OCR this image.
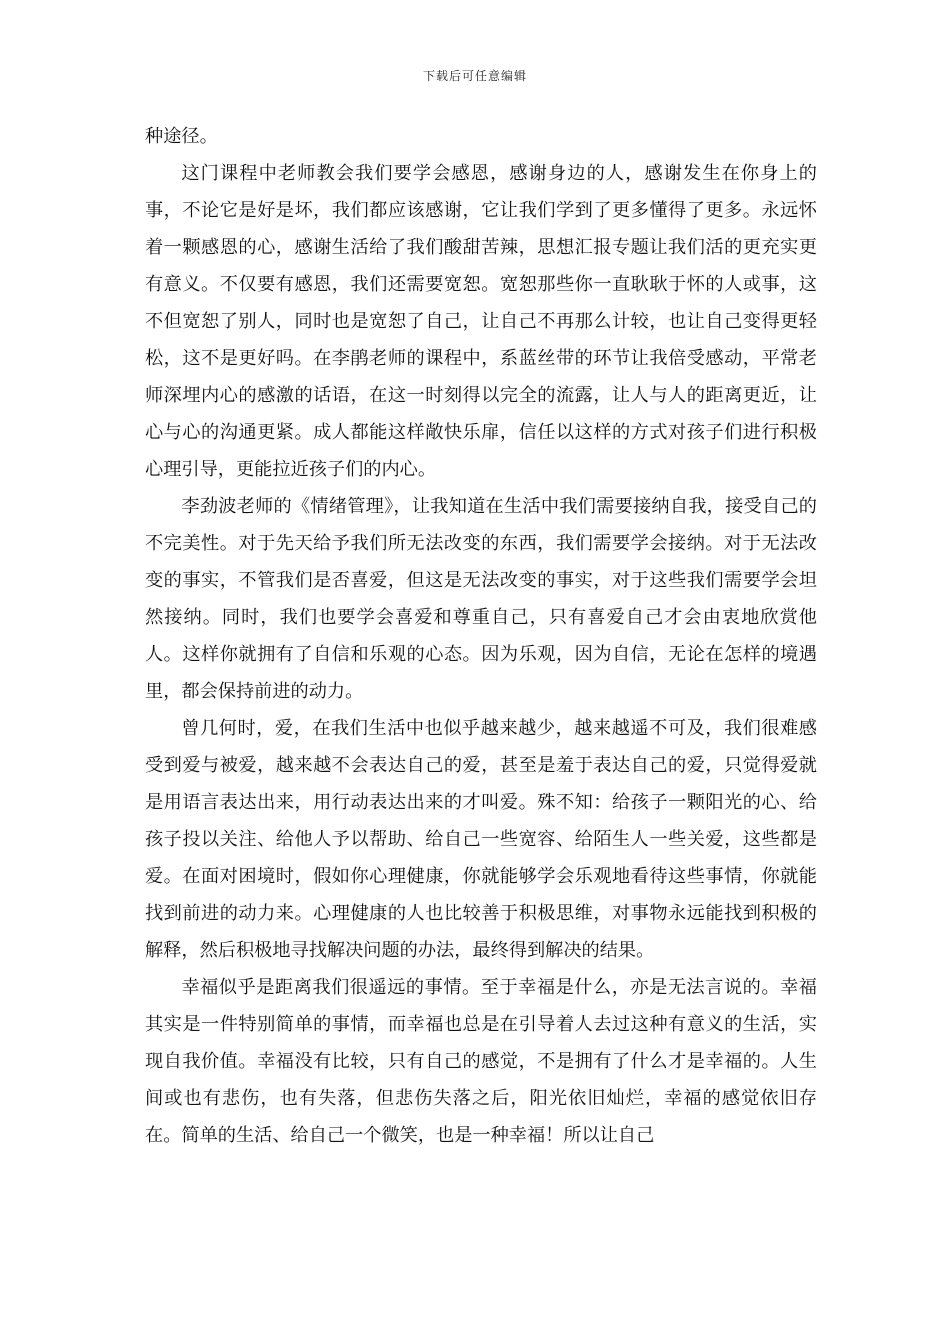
下载后可任意编辑

种途径。

这门课程中老师教会我们要学会感恩，感谢身边的人，感谢发生在你身上的事，不论它是好是坏，我们都应该感谢，它让我们学到了更多懂得了更多。永远怀着一颗感恩的心，感谢生活给了我们酸甜苦辣，思想汇报专题让我们活的更充实更有意义。不仅要有感恩，我们还需要宽恕。宽恕那些你一直耿耿于怀的人或事，这不但宽恕了别人，同时也是宽恕了自己，让自己不再那么计较，也让自己变得更轻松，这不是更好吗。在李鹃老师的课程中，系蓝丝带的环节让我倍受感动，平常老师深埋内心的感激的话语，在这一时刻得以完全的流露，让人与人的距离更近，让心与心的沟通更紧。成人都能这样敞快乐扉，信任以这样的方式对孩子们进行积极心理引导，更能拉近孩子们的内心。

李劲波老师的《情绪管理》，让我知道在生活中我们需要接纳自我，接受自己的不完美性。对于先天给予我们所无法改变的东西，我们需要学会接纳。对于无法改变的事实，不管我们是否喜爱，但这是无法改变的事实，对于这些我们需要学会坦然接纳。同时，我们也要学会喜爱和尊重自己，只有喜爱自己才会由衷地欣赏他人。这样你就拥有了自信和乐观的心态。因为乐观，因为自信，无论在怎样的境遇里，都会保持前进的动力。

曾几何时，爱，在我们生活中也似乎越来越少，越来越遥不可及，我们很难感受到爱与被爱，越来越不会表达自己的爱，甚至是羞于表达自己的爱，只觉得爱就是用语言表达出来，用行动表达出来的才叫爱。殊不知：给孩子一颗阳光的心、给孩子投以关注、给他人予以帮助、给自己一些宽容、给陌生人一些关爱，这些都是爱。在面对困境时，假如你心理健康，你就能够学会乐观地看待这些事情，你就能找到前进的动力来。心理健康的人也比较善于积极思维，对事物永远能找到积极的解释，然后积极地寻找解决问题的办法，最终得到解决的结果。

幸福似乎是距离我们很遥远的事情。至于幸福是什么，亦是无法言说的。幸福其实是一件特别简单的事情，而幸福也总是在引导着人去过这种有意义的生活，实现自我价值。幸福没有比较，只有自己的感觉，不是拥有了什么才是幸福的。人生间或也有悲伤，也有失落，但悲伤失落之后，阳光依旧灿烂，幸福的感觉依旧存在。简单的生活、给自己一个微笑，也是一种幸福！所以让自己
